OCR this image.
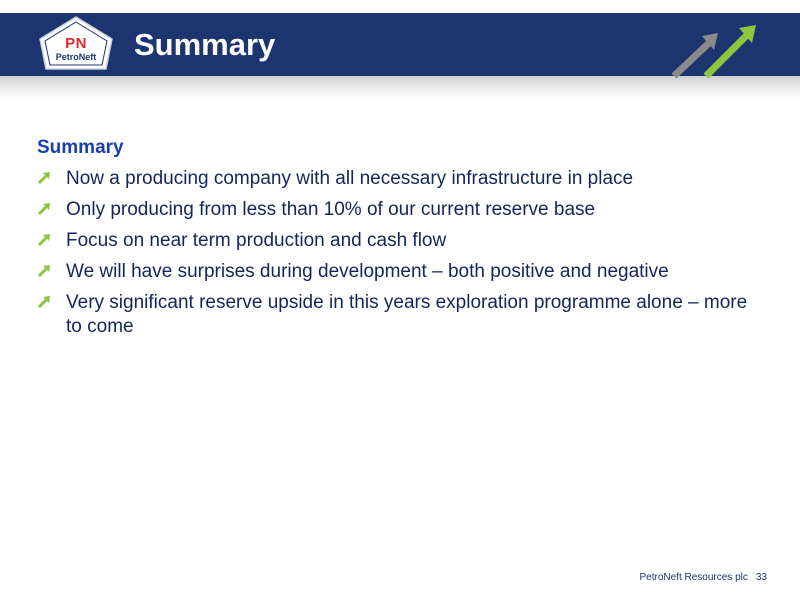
PN
PetroNeft	Summary
Summary
Now a producing company with all necessary infrastructure in place
Only producing from less than 10% of our current reserve base
Focus on near term production and cash flow
We will have surprises during development – both positive and negative
Very significant reserve upside in this years exploration programme alone – more to come
PetroNeft Resources plc 33
